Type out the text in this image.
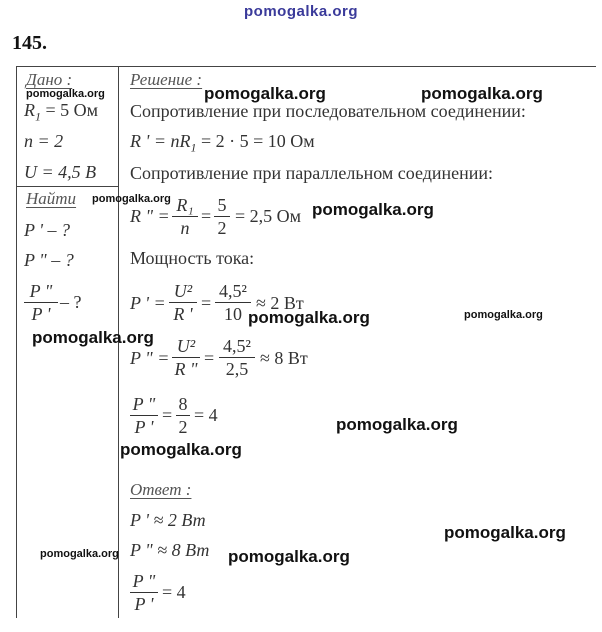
pomogalka.org
145.
Дано :
$R_1 = 5$ Ом
n = 2
U = 4,5 В
Найти
P ' – ?
P " – ?
$\frac{P "}{P '}$ – ?
Решение :
Сопротивление при последовательном соединении:
R ' = $nR_1 = 2 \cdot 5 = 10$ Ом
Сопротивление при параллельном соединении:
R " = $\frac{\text{R₁}}{n} = \frac{5}{2} = 2,5$ Ом
Мощность тока:
P ' = $\frac{\text{U²}}{R '} = \frac{\text{4,5²}}{10} \approx 2$ Вт
P " = $\frac{\text{U²}}{R "} = \frac{\text{4,5²}}{2,5} \approx 8$ Вт
$\frac{P "}{P '} = \frac{8}{2} = 4$
Ответ :
P ' ≈ 2 Вт
P " ≈ 8 Вт
$\frac{P "}{P '} = 4$
pomogalka.org	pomogalka.org	pomogalka.org
pomogalka.org
pomogalka.org
pomogalka.org	pomogalka.org
pomogalka.org
pomogalka.org
pomogalka.org
pomogalka.org
pomogalka.org	pomogalka.org
